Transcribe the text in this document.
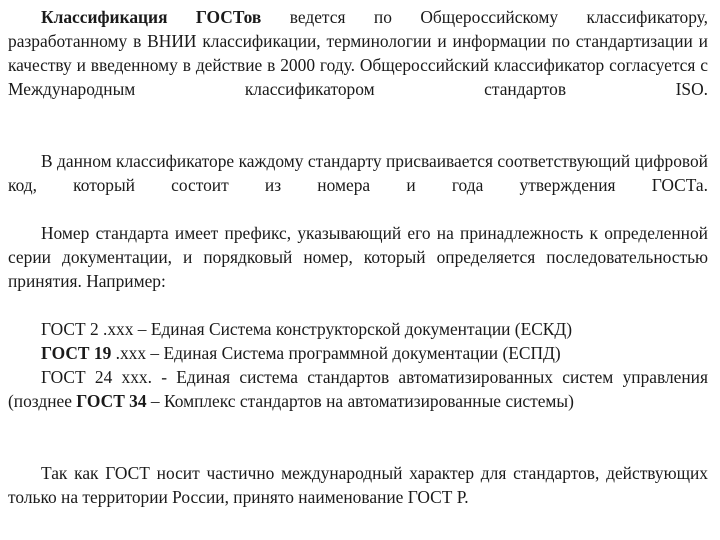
Классификация ГОСТов ведется по Общероссийскому классификатору, разработанному в ВНИИ классификации, терминологии и информации по стандартизации и качеству и введенному в действие в 2000 году. Общероссийский классификатор согласуется с Международным классификатором стандартов ISO.

В данном классификаторе каждому стандарту присваивается соответствующий цифровой код, который состоит из номера и года утверждения ГОСТа.

Номер стандарта имеет префикс, указывающий его на принадлежность к определенной серии документации, и порядковый номер, который определяется последовательностью принятия. Например:

ГОСТ 2 .ххх – Единая Система конструкторской документации (ЕСКД)
ГОСТ 19 .ххх – Единая Система программной документации (ЕСПД)

ГОСТ 24 ххх. - Единая система стандартов автоматизированных систем управления (позднее ГОСТ 34 – Комплекс стандартов на автоматизированные системы)

Так как ГОСТ носит частично международный характер для стандартов, действующих только на территории России, принято наименование ГОСТ Р.
